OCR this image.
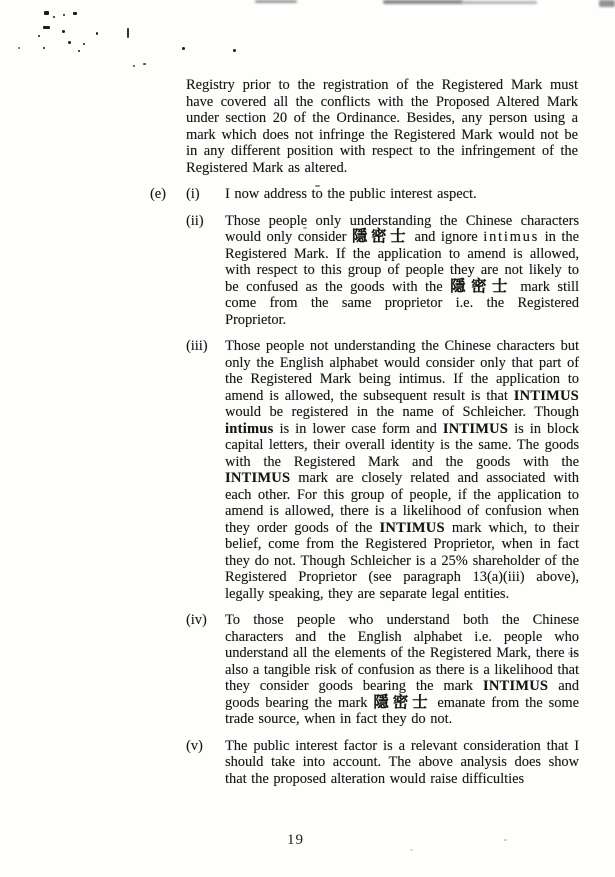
Registry prior to the registration of the Registered Mark must have covered all the conflicts with the Proposed Altered Mark under section 20 of the Ordinance. Besides, any person using a mark which does not infringe the Registered Mark would not be in any different position with respect to the infringement of the Registered Mark as altered.

(e)	(i)	I now address to the public interest aspect.

(ii)	Those people only understanding the Chinese characters would only consider 隱密士 and ignore intimus in the Registered Mark. If the application to amend is allowed, with respect to this group of people they are not likely to be confused as the goods with the 隱密士 mark still come from the same proprietor i.e. the Registered Proprietor.

(iii)	Those people not understanding the Chinese characters but only the English alphabet would consider only that part of the Registered Mark being intimus. If the application to amend is allowed, the subsequent result is that INTIMUS would be registered in the name of Schleicher. Though intimus is in lower case form and INTIMUS is in block capital letters, their overall identity is the same. The goods with the Registered Mark and the goods with the INTIMUS mark are closely related and associated with each other. For this group of people, if the application to amend is allowed, there is a likelihood of confusion when they order goods of the INTIMUS mark which, to their belief, come from the Registered Proprietor, when in fact they do not. Though Schleicher is a 25% shareholder of the Registered Proprietor (see paragraph 13(a)(iii) above), legally speaking, they are separate legal entities.

(iv)	To those people who understand both the Chinese characters and the English alphabet i.e. people who understand all the elements of the Registered Mark, there is also a tangible risk of confusion as there is a likelihood that they consider goods bearing the mark INTIMUS and goods bearing the mark 隱密士 emanate from the some trade source, when in fact they do not.

(v)	The public interest factor is a relevant consideration that I should take into account. The above analysis does show that the proposed alteration would raise difficulties

19
